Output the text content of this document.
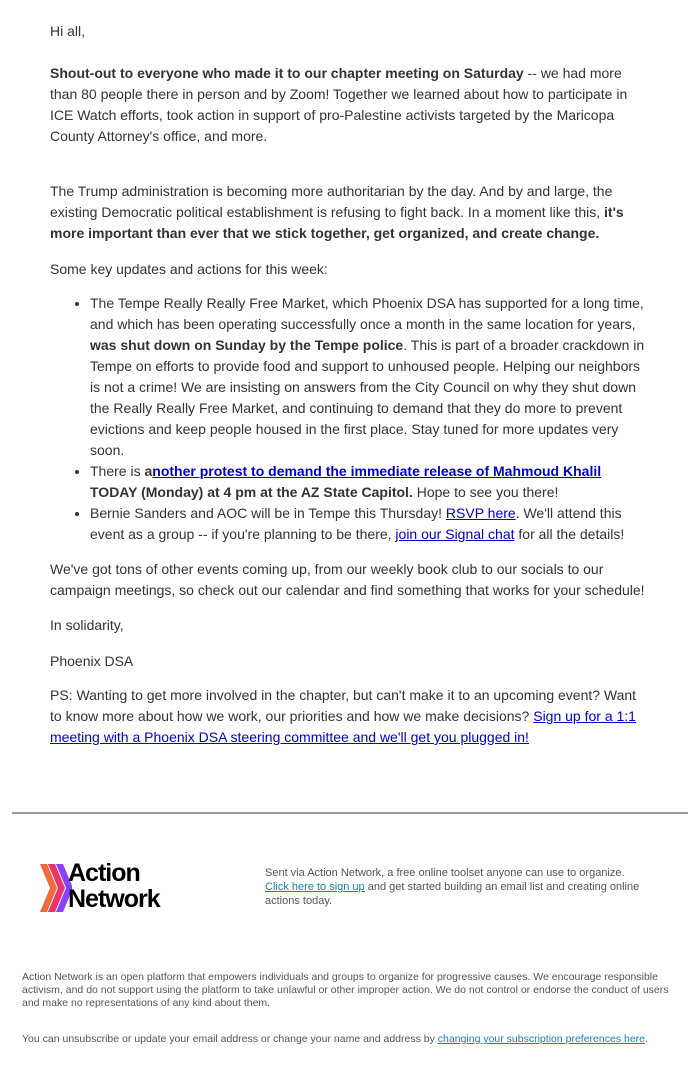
Hi all,

Shout-out to everyone who made it to our chapter meeting on Saturday -- we had more than 80 people there in person and by Zoom! Together we learned about how to participate in ICE Watch efforts, took action in support of pro-Palestine activists targeted by the Maricopa County Attorney's office, and more.

The Trump administration is becoming more authoritarian by the day. And by and large, the existing Democratic political establishment is refusing to fight back. In a moment like this, it's more important than ever that we stick together, get organized, and create change.

Some key updates and actions for this week:

• The Tempe Really Really Free Market, which Phoenix DSA has supported for a long time, and which has been operating successfully once a month in the same location for years, was shut down on Sunday by the Tempe police. This is part of a broader crackdown in Tempe on efforts to provide food and support to unhoused people. Helping our neighbors is not a crime! We are insisting on answers from the City Council on why they shut down the Really Really Free Market, and continuing to demand that they do more to prevent evictions and keep people housed in the first place. Stay tuned for more updates very soon.
• There is another protest to demand the immediate release of Mahmoud Khalil TODAY (Monday) at 4 pm at the AZ State Capitol. Hope to see you there!
• Bernie Sanders and AOC will be in Tempe this Thursday! RSVP here. We'll attend this event as a group -- if you're planning to be there, join our Signal chat for all the details!

We've got tons of other events coming up, from our weekly book club to our socials to our campaign meetings, so check out our calendar and find something that works for your schedule!

In solidarity,

Phoenix DSA

PS: Wanting to get more involved in the chapter, but can't make it to an upcoming event? Want to know more about how we work, our priorities and how we make decisions? Sign up for a 1:1 meeting with a Phoenix DSA steering committee and we'll get you plugged in!

Action
Network
Sent via Action Network, a free online toolset anyone can use to organize.
Click here to sign up and get started building an email list and creating online actions today.
Action Network is an open platform that empowers individuals and groups to organize for progressive causes. We encourage responsible activism, and do not support using the platform to take unlawful or other improper action. We do not control or endorse the conduct of users and make no representations of any kind about them.
You can unsubscribe or update your email address or change your name and address by changing your subscription preferences here.
